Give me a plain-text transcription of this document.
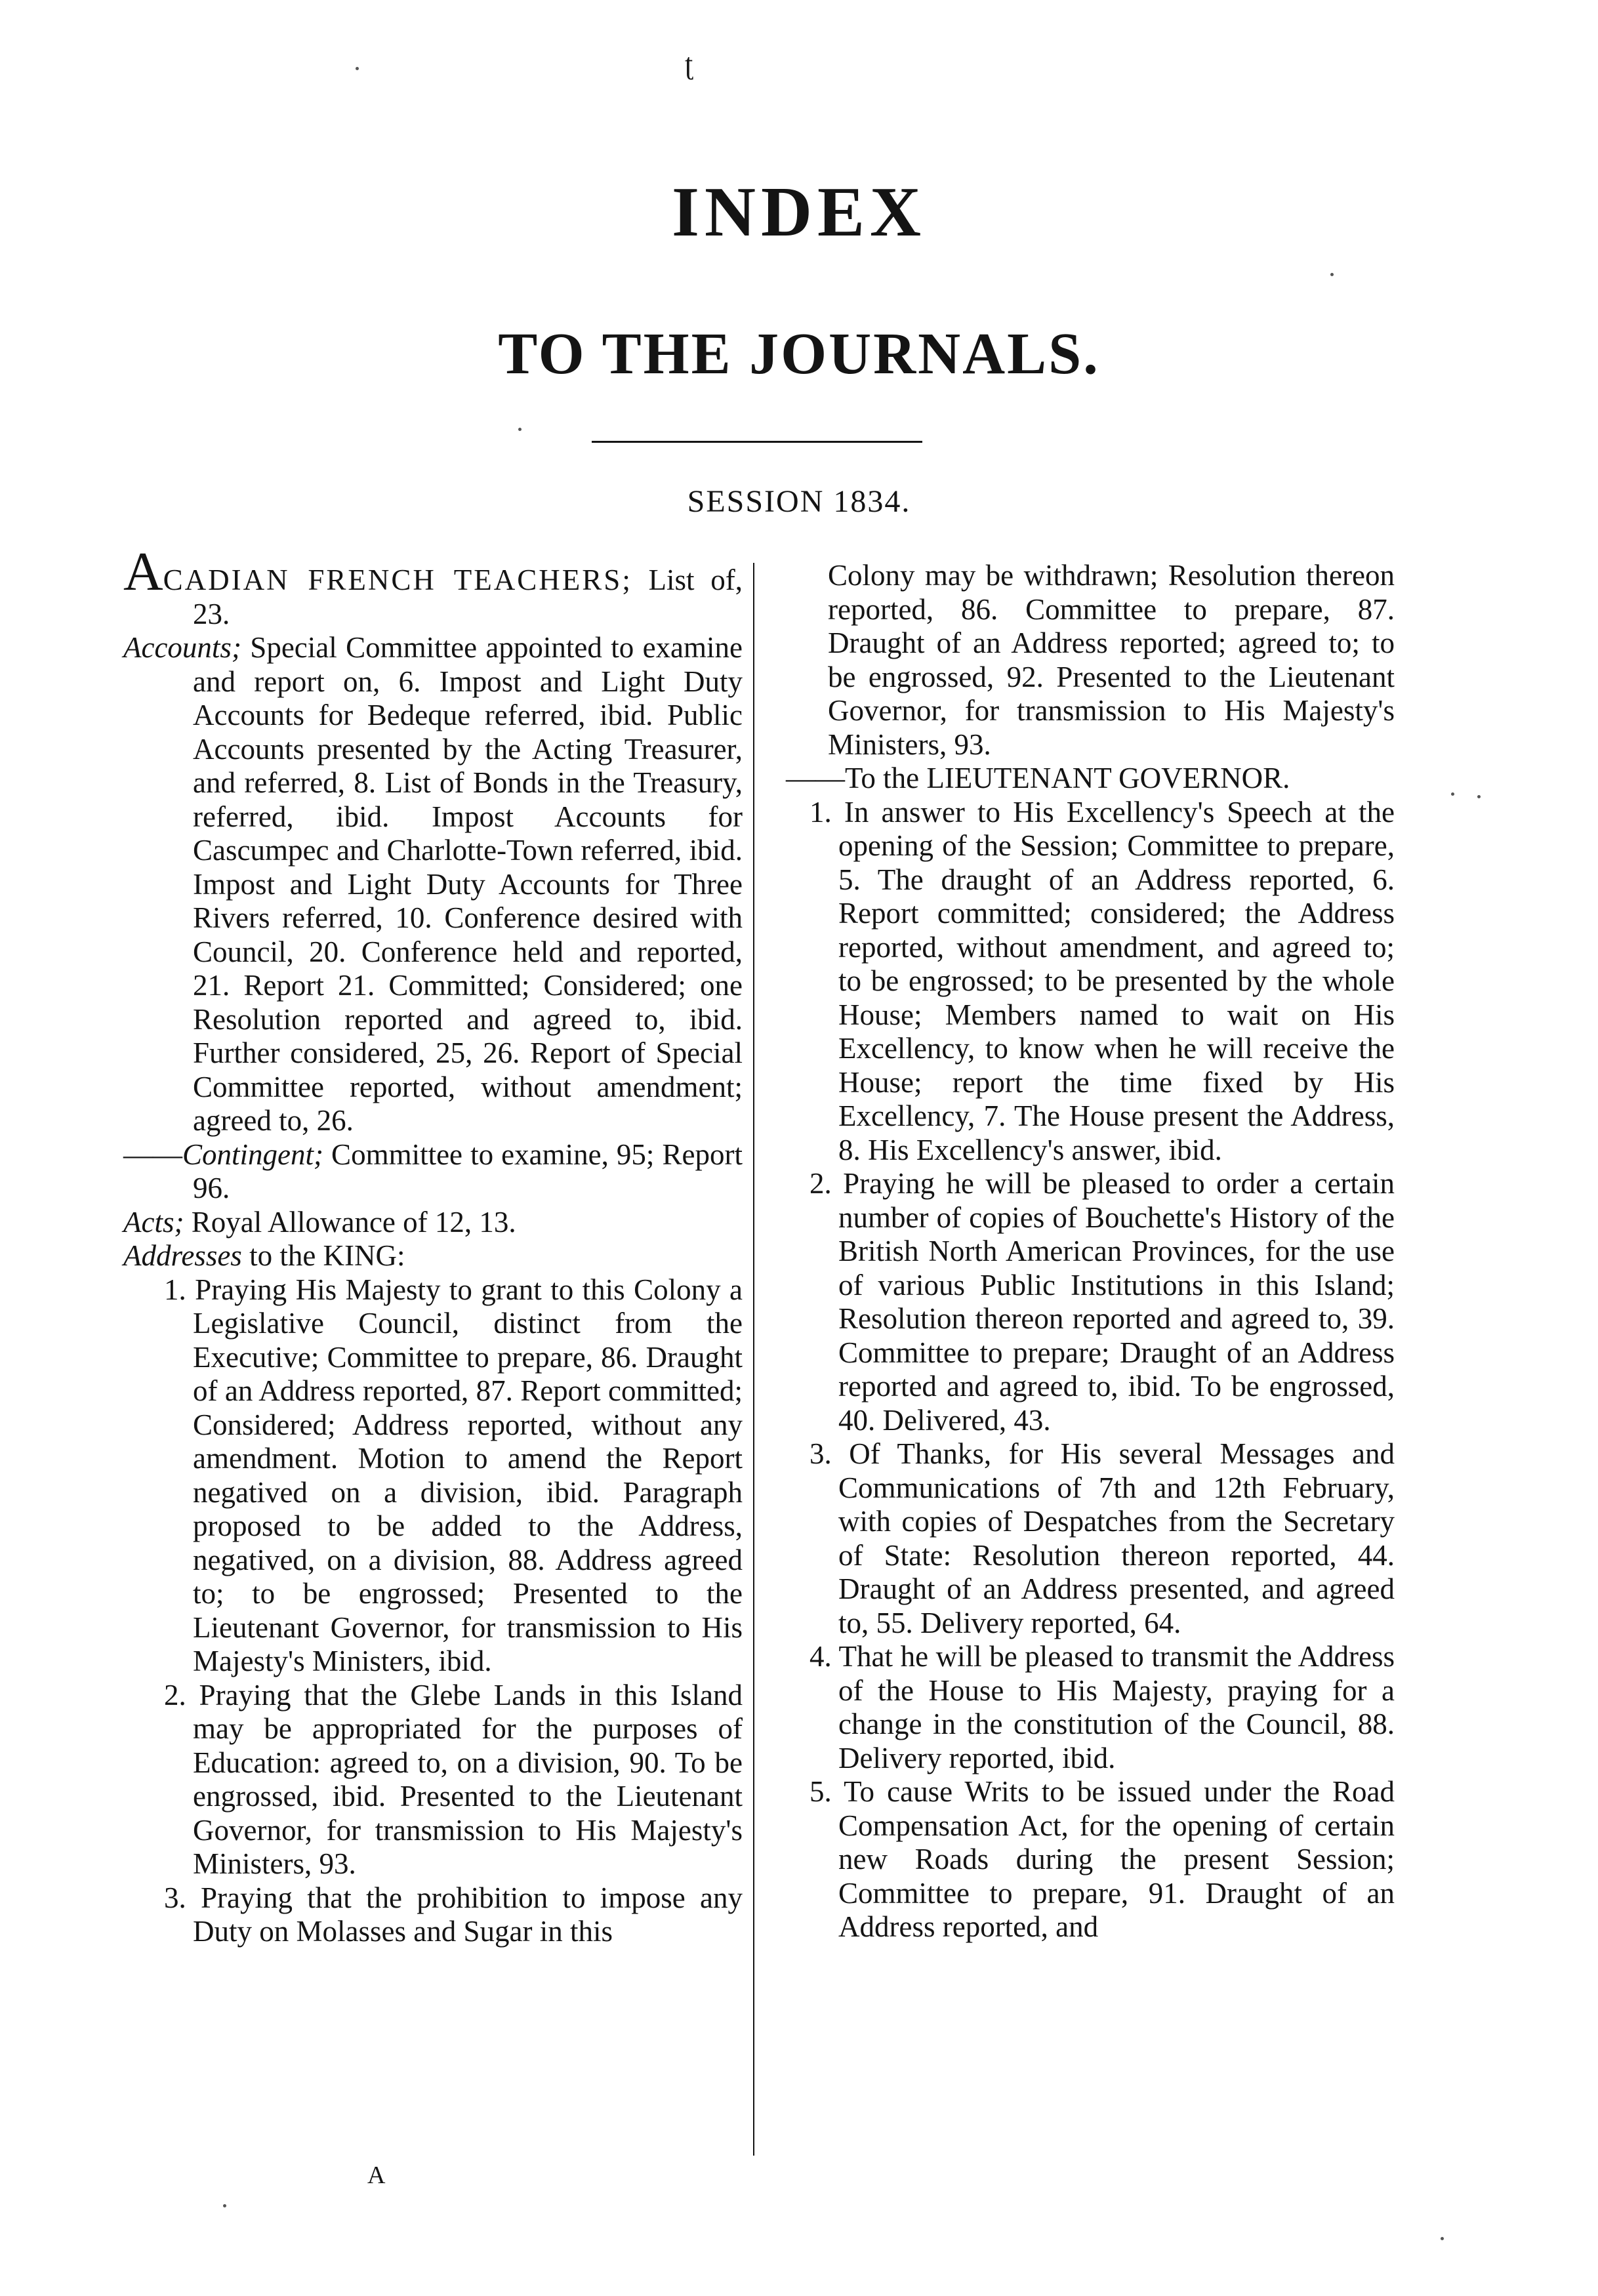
ʈ
INDEX
TO THE JOURNALS.
SESSION 1834.

ACADIAN FRENCH TEACHERS; List of, 23.

Accounts; Special Committee appointed to examine and report on, 6. Impost and Light Duty Accounts for Bedeque referred, ibid. Public Accounts presented by the Acting Treasurer, and referred, 8. List of Bonds in the Treasury, referred, ibid. Impost Accounts for Cascumpec and Charlotte-Town referred, ibid. Impost and Light Duty Accounts for Three Rivers referred, 10. Conference desired with Council, 20. Conference held and reported, 21. Report 21. Committed; Considered; one Resolution reported and agreed to, ibid. Further considered, 25, 26. Report of Special Committee reported, without amendment; agreed to, 26.

——Contingent; Committee to examine, 95; Report 96.

Acts; Royal Allowance of 12, 13.

Addresses to the KING:

1. Praying His Majesty to grant to this Colony a Legislative Council, distinct from the Executive; Committee to prepare, 86. Draught of an Address reported, 87. Report committed; Considered; Address reported, without any amendment. Motion to amend the Report negatived on a division, ibid. Paragraph proposed to be added to the Address, negatived, on a division, 88. Address agreed to; to be engrossed; Presented to the Lieutenant Governor, for transmission to His Majesty's Ministers, ibid.

2. Praying that the Glebe Lands in this Island may be appropriated for the purposes of Education: agreed to, on a division, 90. To be engrossed, ibid. Presented to the Lieutenant Governor, for transmission to His Majesty's Ministers, 93.

3. Praying that the prohibition to impose any Duty on Molasses and Sugar in this

Colony may be withdrawn; Resolution thereon reported, 86. Committee to prepare, 87. Draught of an Address reported; agreed to; to be engrossed, 92. Presented to the Lieutenant Governor, for transmission to His Majesty's Ministers, 93.

——To the LIEUTENANT GOVERNOR.

1. In answer to His Excellency's Speech at the opening of the Session; Committee to prepare, 5. The draught of an Address reported, 6. Report committed; considered; the Address reported, without amendment, and agreed to; to be engrossed; to be presented by the whole House; Members named to wait on His Excellency, to know when he will receive the House; report the time fixed by His Excellency, 7. The House present the Address, 8. His Excellency's answer, ibid.

2. Praying he will be pleased to order a certain number of copies of Bouchette's History of the British North American Provinces, for the use of various Public Institutions in this Island; Resolution thereon reported and agreed to, 39. Committee to prepare; Draught of an Address reported and agreed to, ibid. To be engrossed, 40. Delivered, 43.

3. Of Thanks, for His several Messages and Communications of 7th and 12th February, with copies of Despatches from the Secretary of State: Resolution thereon reported, 44. Draught of an Address presented, and agreed to, 55. Delivery reported, 64.

4. That he will be pleased to transmit the Address of the House to His Majesty, praying for a change in the constitution of the Council, 88. Delivery reported, ibid.

5. To cause Writs to be issued under the Road Compensation Act, for the opening of certain new Roads during the present Session; Committee to prepare, 91. Draught of an Address reported, and

A
